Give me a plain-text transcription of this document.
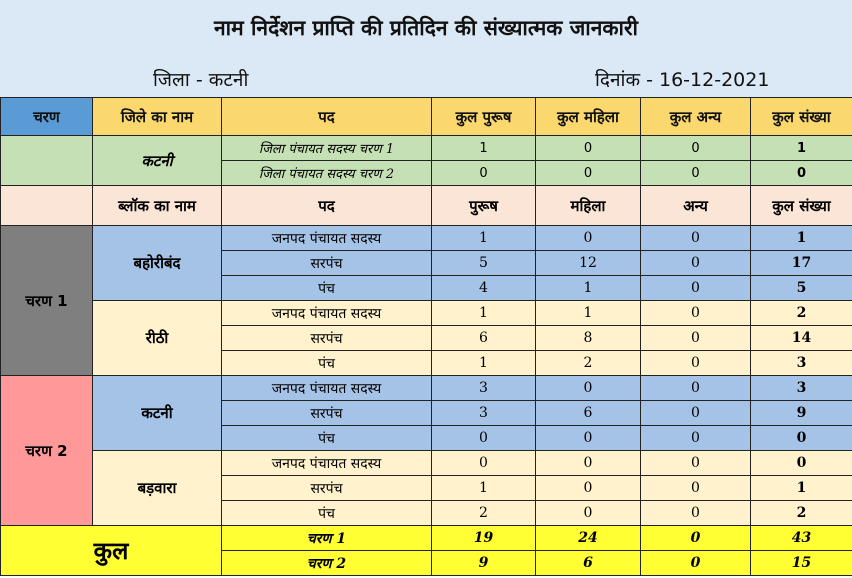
नाम निर्देशन प्राप्ति की प्रतिदिन की संख्यात्मक जानकारी
जिला - कटनी	दिनांक - 16-12-2021
चरण	जिले का नाम	पद	कुल पुरूष	कुल महिला	कुल अन्य	कुल संख्या
	कटनी	जिला पंचायत सदस्य चरण 1	1	0	0	1
		जिला पंचायत सदस्य चरण 2	0	0	0	0
	ब्लॉक का नाम	पद	पुरूष	महिला	अन्य	कुल संख्या
चरण 1	बहोरीबंद	जनपद पंचायत सदस्य	1	0	0	1
		सरपंच	5	12	0	17
		पंच	4	1	0	5
	रीठी	जनपद पंचायत सदस्य	1	1	0	2
		सरपंच	6	8	0	14
		पंच	1	2	0	3
चरण 2	कटनी	जनपद पंचायत सदस्य	3	0	0	3
		सरपंच	3	6	0	9
		पंच	0	0	0	0
	बड़वारा	जनपद पंचायत सदस्य	0	0	0	0
		सरपंच	1	0	0	1
		पंच	2	0	0	2
कुल		चरण 1	19	24	0	43
		चरण 2	9	6	0	15
